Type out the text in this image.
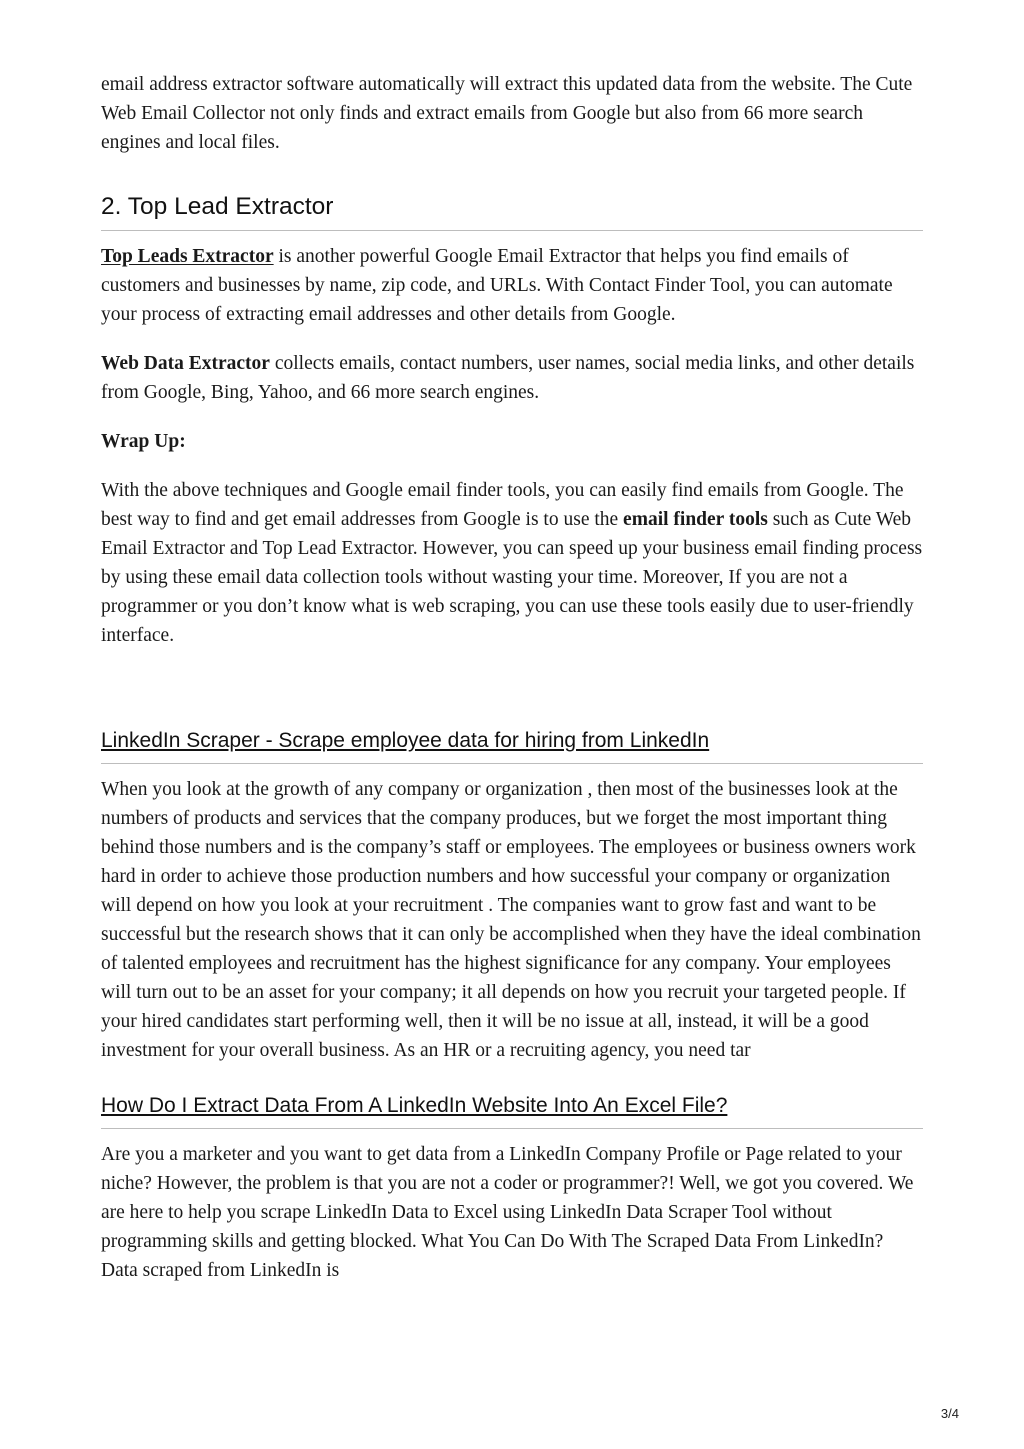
email address extractor software automatically will extract this updated data from the website. The Cute Web Email Collector not only finds and extract emails from Google but also from 66 more search engines and local files.

2. Top Lead Extractor

Top Leads Extractor is another powerful Google Email Extractor that helps you find emails of customers and businesses by name, zip code, and URLs. With Contact Finder Tool, you can automate your process of extracting email addresses and other details from Google.

Web Data Extractor collects emails, contact numbers, user names, social media links, and other details from Google, Bing, Yahoo, and 66 more search engines.

Wrap Up:

With the above techniques and Google email finder tools, you can easily find emails from Google. The best way to find and get email addresses from Google is to use the email finder tools such as Cute Web Email Extractor and Top Lead Extractor. However, you can speed up your business email finding process by using these email data collection tools without wasting your time. Moreover, If you are not a programmer or you don’t know what is web scraping, you can use these tools easily due to user-friendly interface.

LinkedIn Scraper - Scrape employee data for hiring from LinkedIn

When you look at the growth of any company or organization , then most of the businesses look at the numbers of products and services that the company produces, but we forget the most important thing behind those numbers and is the company’s staff or employees. The employees or business owners work hard in order to achieve those production numbers and how successful your company or organization will depend on how you look at your recruitment . The companies want to grow fast and want to be successful but the research shows that it can only be accomplished when they have the ideal combination of talented employees and recruitment has the highest significance for any company. Your employees will turn out to be an asset for your company; it all depends on how you recruit your targeted people. If your hired candidates start performing well, then it will be no issue at all, instead, it will be a good investment for your overall business. As an HR or a recruiting agency, you need tar

How Do I Extract Data From A LinkedIn Website Into An Excel File?

Are you a marketer and you want to get data from a LinkedIn Company Profile or Page related to your niche? However, the problem is that you are not a coder or programmer?! Well, we got you covered. We are here to help you scrape LinkedIn Data to Excel using LinkedIn Data Scraper Tool without programming skills and getting blocked. What You Can Do With The Scraped Data From LinkedIn? Data scraped from LinkedIn is

3/4
